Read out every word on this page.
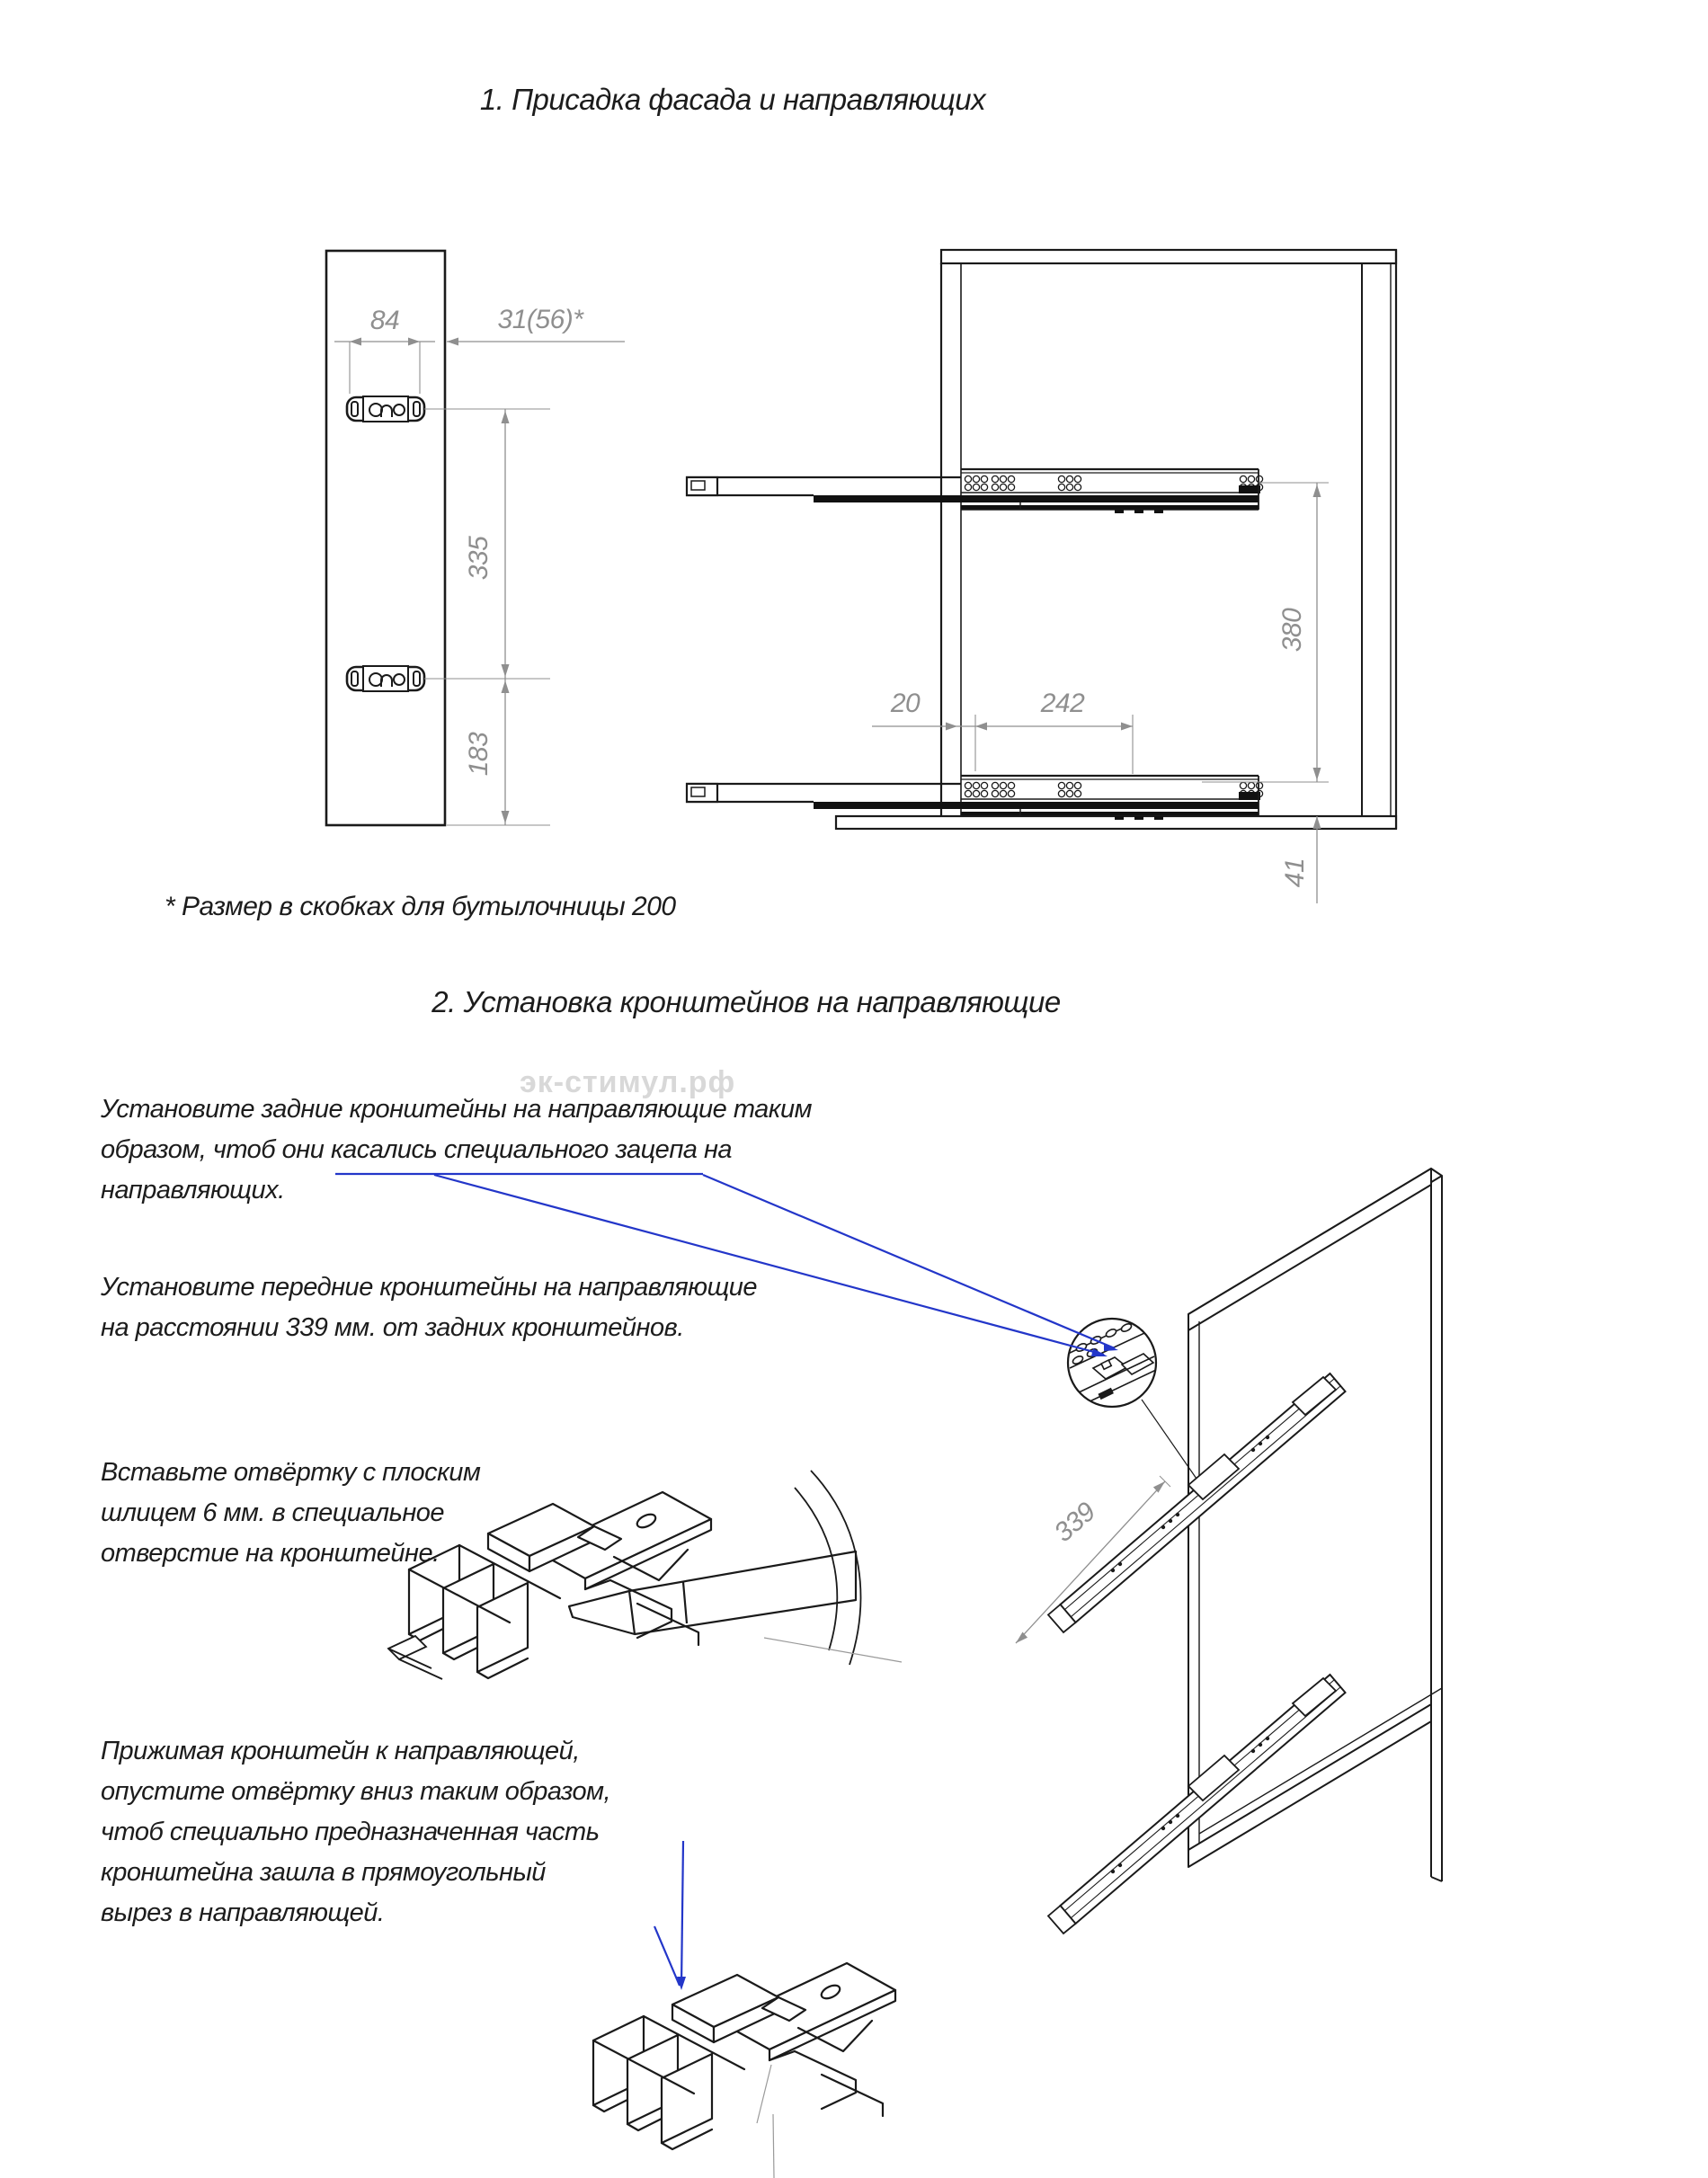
1. Присадка фасада и направляющих
84	31(56)*
335
183
20	242
380
41
* Размер в скобках для бутылочницы 200
2. Установка кронштейнов на направляющие
эк-стимул.рф
Установите задние кронштейны на направляющие таким
образом, чтоб они касались специального зацепа на
направляющих.
Установите передние кронштейны на направляющие
на расстоянии 339 мм. от задних кронштейнов.
Вставьте отвёртку с плоским
шлицем 6 мм. в специальное
отверстие на кронштейне.
Прижимая кронштейн к направляющей,
опустите отвёртку вниз таким образом,
чтоб специально предназначенная часть
кронштейна зашла в прямоугольный
вырез в направляющей.
339
